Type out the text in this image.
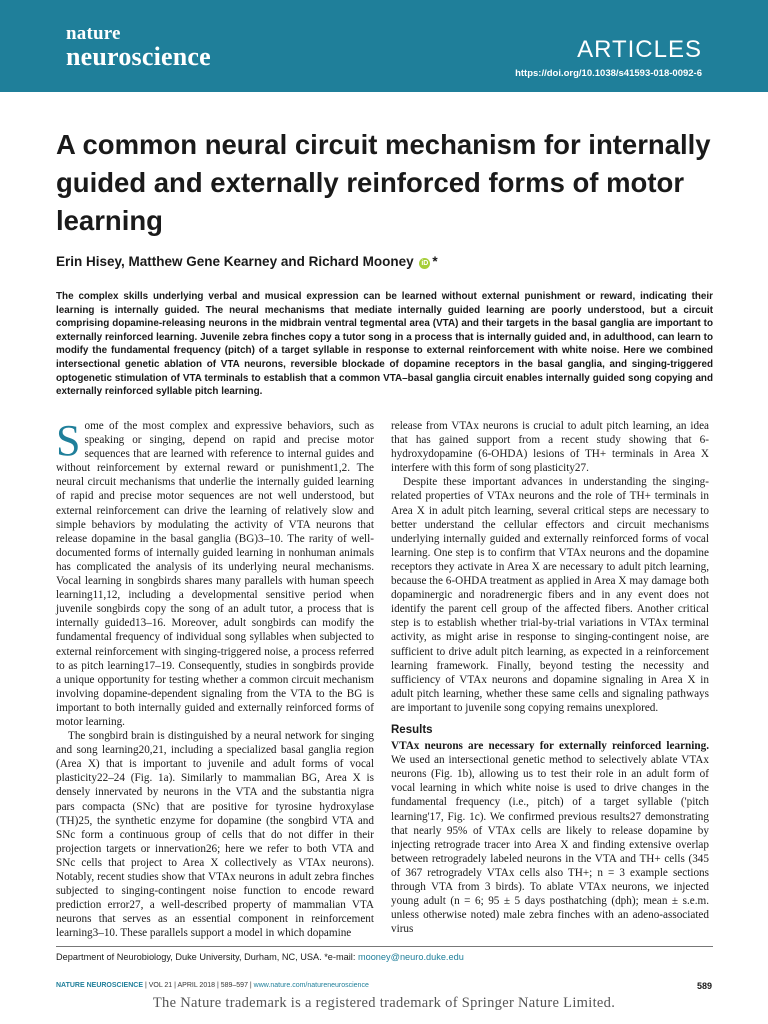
nature
neuroscience	ARTICLES
https://doi.org/10.1038/s41593-018-0092-6
A common neural circuit mechanism for internally guided and externally reinforced forms of motor learning
Erin Hisey, Matthew Gene Kearney and Richard Mooney iD *

The complex skills underlying verbal and musical expression can be learned without external punishment or reward, indicating their learning is internally guided. The neural mechanisms that mediate internally guided learning are poorly understood, but a circuit comprising dopamine-releasing neurons in the midbrain ventral tegmental area (VTA) and their targets in the basal ganglia are important to externally reinforced learning. Juvenile zebra finches copy a tutor song in a process that is internally guided and, in adulthood, can learn to modify the fundamental frequency (pitch) of a target syllable in response to external reinforcement with white noise. Here we combined intersectional genetic ablation of VTA neurons, reversible blockade of dopamine receptors in the basal ganglia, and singing-triggered optogenetic stimulation of VTA terminals to establish that a common VTA–basal ganglia circuit enables internally guided song copying and externally reinforced syllable pitch learning.

Some of the most complex and expressive behaviors, such as speaking or singing, depend on rapid and precise motor sequences that are learned with reference to internal guides and without reinforcement by external reward or punishment1,2. The neural circuit mechanisms that underlie the internally guided learning of rapid and precise motor sequences are not well understood, but external reinforcement can drive the learning of relatively slow and simple behaviors by modulating the activity of VTA neurons that release dopamine in the basal ganglia (BG)3–10. The rarity of well-documented forms of internally guided learning in nonhuman animals has complicated the analysis of its underlying neural mechanisms. Vocal learning in songbirds shares many parallels with human speech learning11,12, including a developmental sensitive period when juvenile songbirds copy the song of an adult tutor, a process that is internally guided13–16. Moreover, adult songbirds can modify the fundamental frequency of individual song syllables when subjected to external reinforcement with singing-triggered noise, a process referred to as pitch learning17–19. Consequently, studies in songbirds provide a unique opportunity for testing whether a common circuit mechanism involving dopamine-dependent signaling from the VTA to the BG is important to both internally guided and externally reinforced forms of motor learning.

The songbird brain is distinguished by a neural network for singing and song learning20,21, including a specialized basal ganglia region (Area X) that is important to juvenile and adult forms of vocal plasticity22–24 (Fig. 1a). Similarly to mammalian BG, Area X is densely innervated by neurons in the VTA and the substantia nigra pars compacta (SNc) that are positive for tyrosine hydroxylase (TH)25, the synthetic enzyme for dopamine (the songbird VTA and SNc form a continuous group of cells that do not differ in their projection targets or innervation26; here we refer to both VTA and SNc cells that project to Area X collectively as VTAx neurons). Notably, recent studies show that VTAx neurons in adult zebra finches subjected to singing-contingent noise function to encode reward prediction error27, a well-described property of mammalian VTA neurons that serves as an essential component in reinforcement learning3–10. These parallels support a model in which dopamine

release from VTAx neurons is crucial to adult pitch learning, an idea that has gained support from a recent study showing that 6-hydroxydopamine (6-OHDA) lesions of TH+ terminals in Area X interfere with this form of song plasticity27.

Despite these important advances in understanding the singing-related properties of VTAx neurons and the role of TH+ terminals in Area X in adult pitch learning, several critical steps are necessary to better understand the cellular effectors and circuit mechanisms underlying internally guided and externally reinforced forms of vocal learning. One step is to confirm that VTAx neurons and the dopamine receptors they activate in Area X are necessary to adult pitch learning, because the 6-OHDA treatment as applied in Area X may damage both dopaminergic and noradrenergic fibers and in any event does not identify the parent cell group of the affected fibers. Another critical step is to establish whether trial-by-trial variations in VTAx terminal activity, as might arise in response to singing-contingent noise, are sufficient to drive adult pitch learning, as expected in a reinforcement learning framework. Finally, beyond testing the necessity and sufficiency of VTAx neurons and dopamine signaling in Area X in adult pitch learning, whether these same cells and signaling pathways are important to juvenile song copying remains unexplored.

Results

VTAx neurons are necessary for externally reinforced learning. We used an intersectional genetic method to selectively ablate VTAx neurons (Fig. 1b), allowing us to test their role in an adult form of vocal learning in which white noise is used to drive changes in the fundamental frequency (i.e., pitch) of a target syllable ('pitch learning'17, Fig. 1c). We confirmed previous results27 demonstrating that nearly 95% of VTAx cells are likely to release dopamine by injecting retrograde tracer into Area X and finding extensive overlap between retrogradely labeled neurons in the VTA and TH+ cells (345 of 367 retrogradely VTAx cells also TH+; n = 3 example sections through VTA from 3 birds). To ablate VTAx neurons, we injected young adult (n = 6; 95 ± 5 days posthatching (dph); mean ± s.e.m. unless otherwise noted) male zebra finches with an adeno-associated virus

Department of Neurobiology, Duke University, Durham, NC, USA. *e-mail: mooney@neuro.duke.edu
NATURE NEUROSCIENCE | VOL 21 | APRIL 2018 | 589–597 | www.nature.com/natureneuroscience	589
The Nature trademark is a registered trademark of Springer Nature Limited.
